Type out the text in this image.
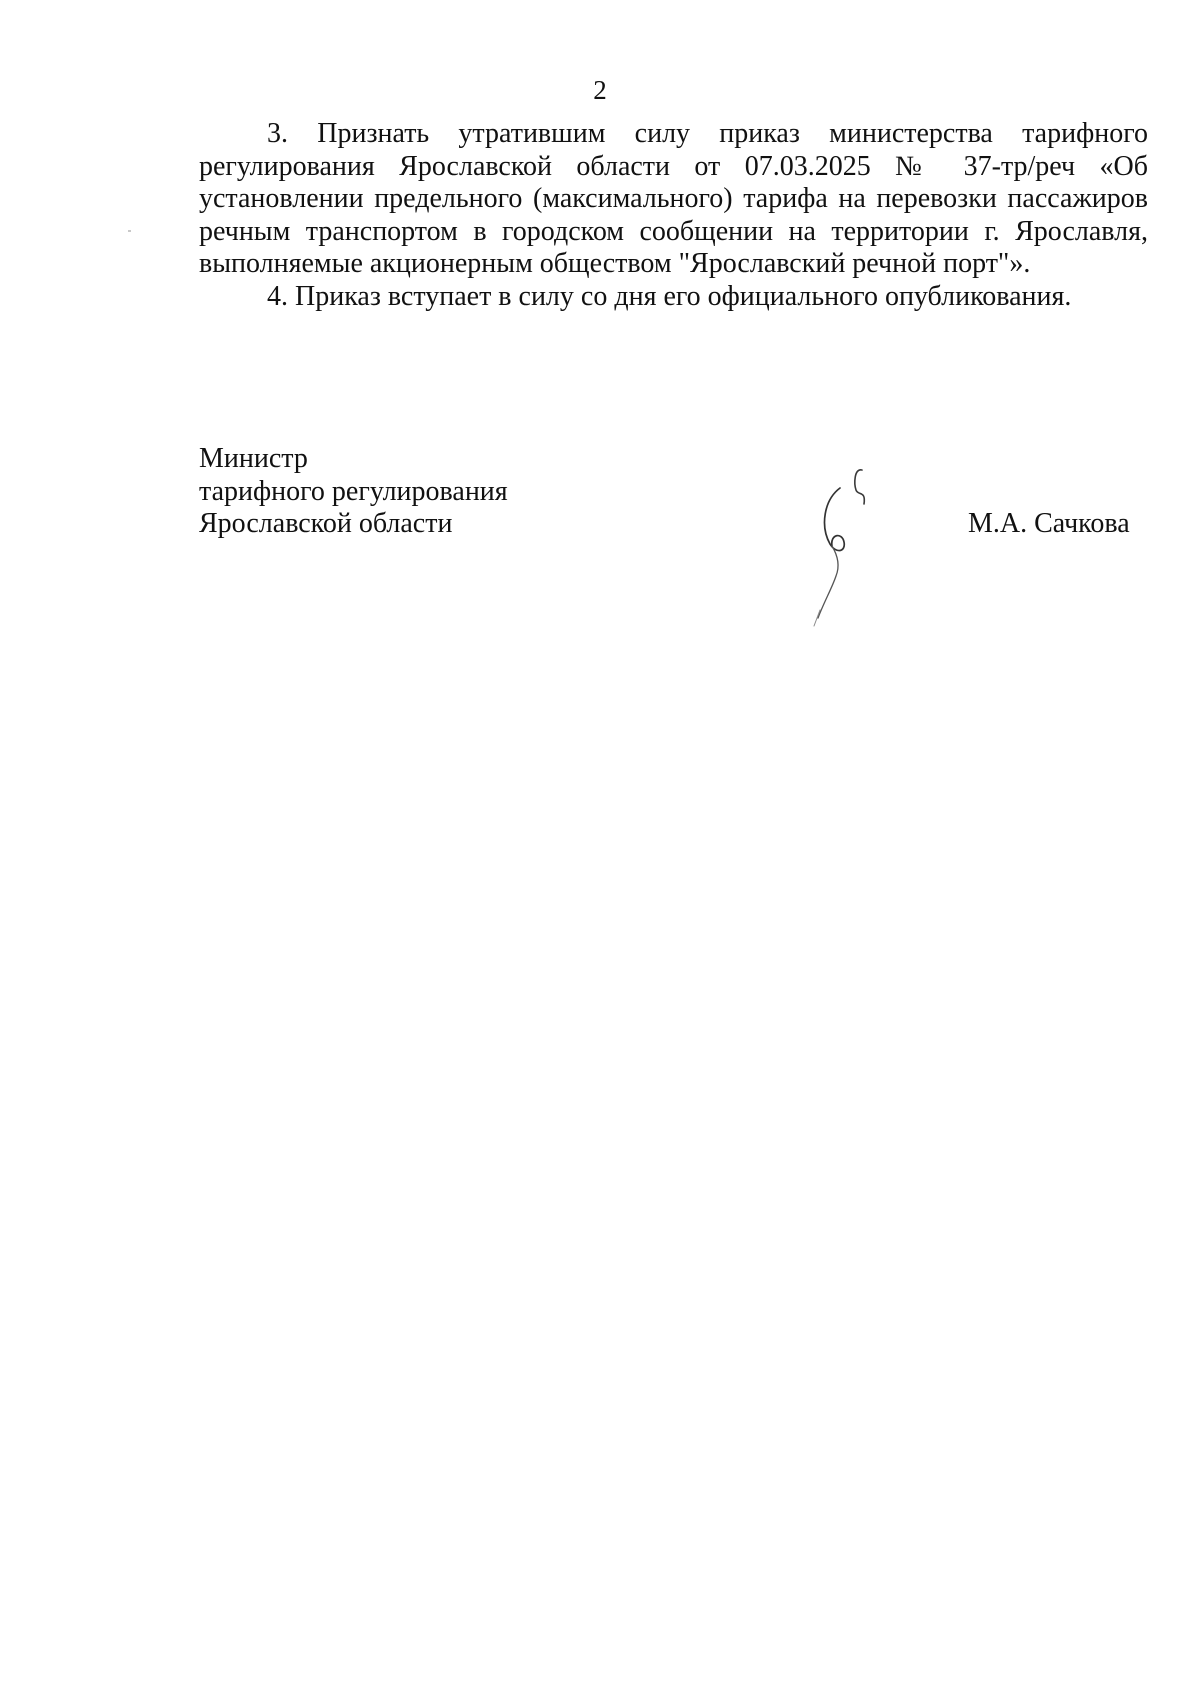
2

3. Признать утратившим силу приказ министерства тарифного регулирования Ярославской области от 07.03.2025 № 37-тр/реч «Об установлении предельного (максимального) тарифа на перевозки пассажиров речным транспортом в городском сообщении на территории г. Ярославля, выполняемые акционерным обществом "Ярославский речной порт"».

4. Приказ вступает в силу со дня его официального опубликования.

Министр
тарифного регулирования
Ярославской области	М.А. Сачкова
